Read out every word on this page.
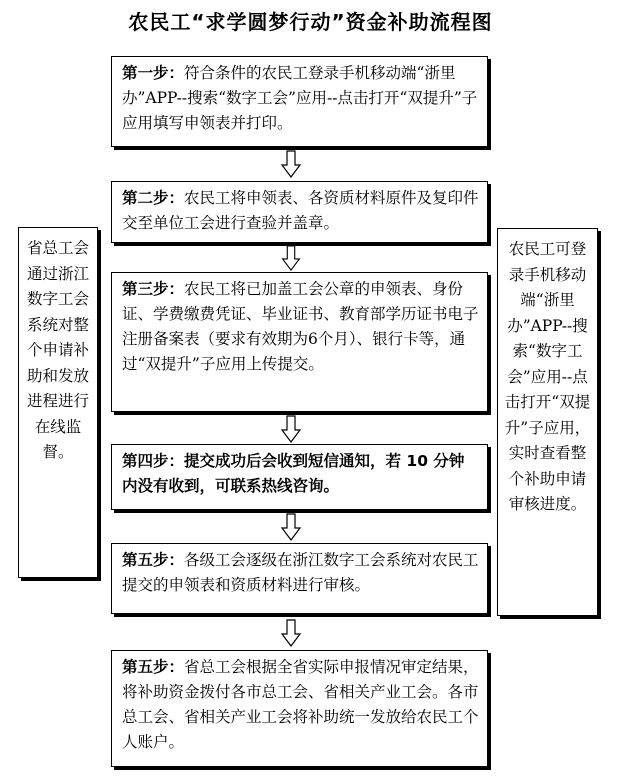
农民工“求学圆梦行动”资金补助流程图
第一步：符合条件的农民工登录手机移动端“浙里办”APP--搜索“数字工会”应用--点击打开“双提升”子应用填写申领表并打印。
第二步：农民工将申领表、各资质材料原件及复印件交至单位工会进行查验并盖章。
第三步：农民工将已加盖工会公章的申领表、身份证、学费缴费凭证、毕业证书、教育部学历证书电子注册备案表（要求有效期为6个月）、银行卡等，通过“双提升”子应用上传提交。
第四步：提交成功后会收到短信通知，若 10 分钟内没有收到，可联系热线咨询。
第五步：各级工会逐级在浙江数字工会系统对农民工提交的申领表和资质材料进行审核。
第五步：省总工会根据全省实际申报情况审定结果，将补助资金拨付各市总工会、省相关产业工会。各市总工会、省相关产业工会将补助统一发放给农民工个人账户。
省总工会通过浙江数字工会系统对整个申请补助和发放进程进行在线监督。
农民工可登录手机移动端“浙里办”APP--搜索“数字工会”应用--点击打开“双提升”子应用，实时查看整个补助申请审核进度。
